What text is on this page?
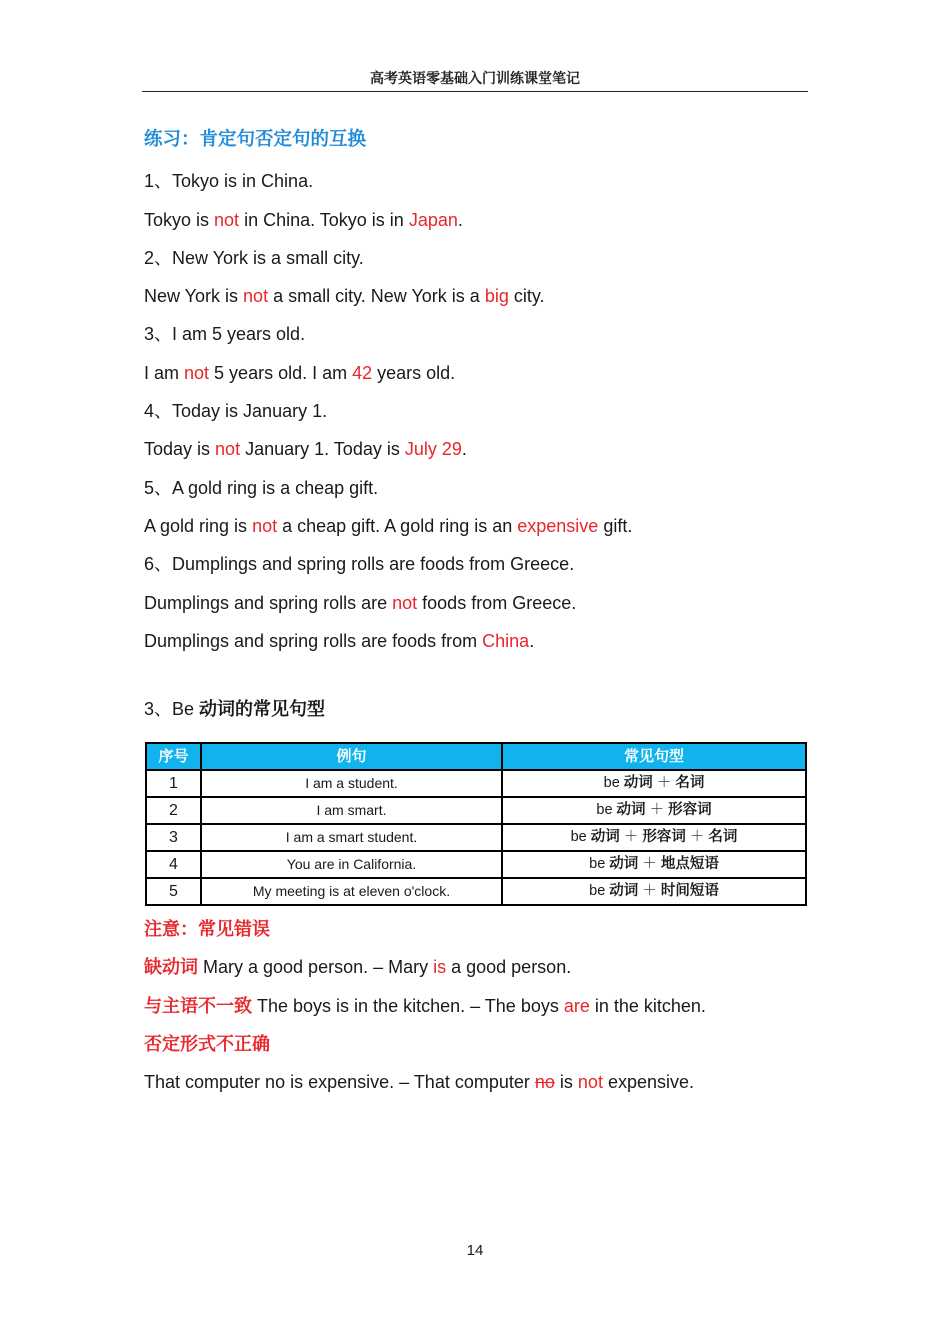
高考英语零基础入门训练课堂笔记
练习：肯定句否定句的互换
1、Tokyo is in China.
Tokyo is not in China. Tokyo is in Japan.
2、New York is a small city.
New York is not a small city. New York is a big city.
3、I am 5 years old.
I am not 5 years old. I am 42 years old.
4、Today is January 1.
Today is not January 1. Today is July 29.
5、A gold ring is a cheap gift.
A gold ring is not a cheap gift. A gold ring is an expensive gift.
6、Dumplings and spring rolls are foods from Greece.
Dumplings and spring rolls are not foods from Greece.
Dumplings and spring rolls are foods from China.
3、Be 动词的常见句型
序号	例句	常见句型
1	I am a student.	be 动词 ＋ 名词
2	I am smart.	be 动词 ＋ 形容词
3	I am a smart student.	be 动词 ＋ 形容词 ＋ 名词
4	You are in California.	be 动词 ＋ 地点短语
5	My meeting is at eleven o'clock.	be 动词 ＋ 时间短语
注意：常见错误
缺动词 Mary a good person. – Mary is a good person.
与主语不一致 The boys is in the kitchen. – The boys are in the kitchen.
否定形式不正确
That computer no is expensive. – That computer no is not expensive.
14
